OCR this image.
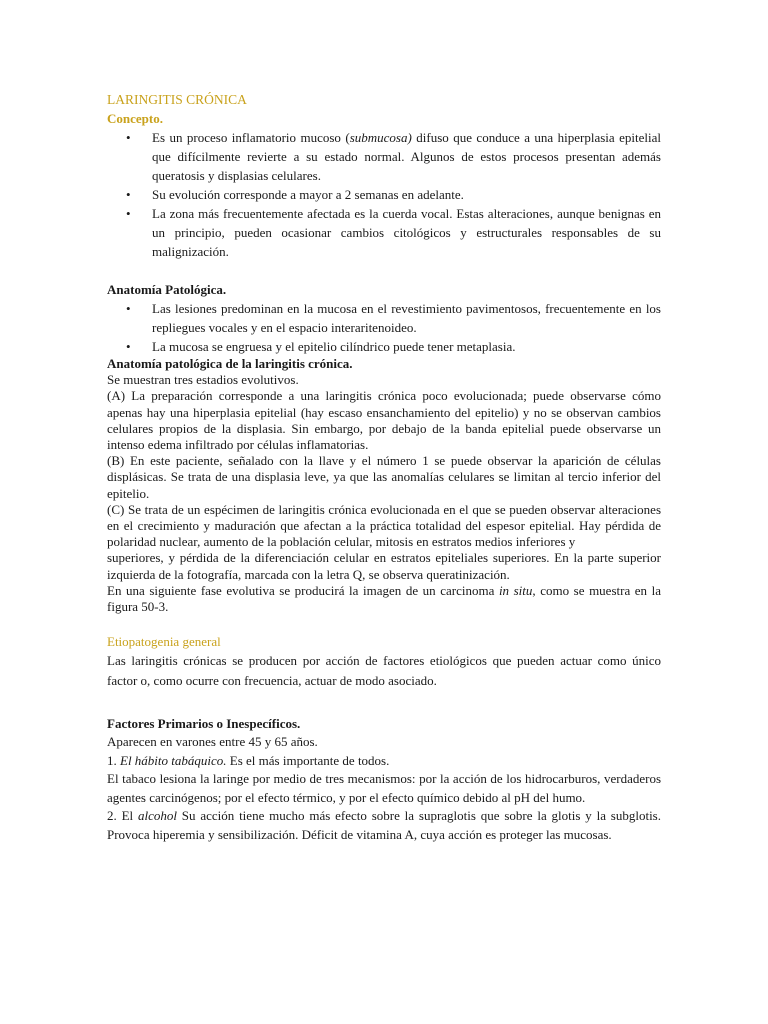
LARINGITIS CRÓNICA

Concepto.

• Es un proceso inflamatorio mucoso (submucosa) difuso que conduce a una hiperplasia epitelial que difícilmente revierte a su estado normal. Algunos de estos procesos presentan además queratosis y displasias celulares.
• Su evolución corresponde a mayor a 2 semanas en adelante.
• La zona más frecuentemente afectada es la cuerda vocal. Estas alteraciones, aunque benignas en un principio, pueden ocasionar cambios citológicos y estructurales responsables de su malignización.

Anatomía Patológica.

• Las lesiones predominan en la mucosa en el revestimiento pavimentosos, frecuentemente en los repliegues vocales y en el espacio interaritenoideo.
• La mucosa se engruesa y el epitelio cilíndrico puede tener metaplasia.

Anatomía patológica de la laringitis crónica.

Se muestran tres estadios evolutivos.

(A) La preparación corresponde a una laringitis crónica poco evolucionada; puede observarse cómo apenas hay una hiperplasia epitelial (hay escaso ensanchamiento del epitelio) y no se observan cambios celulares propios de la displasia. Sin embargo, por debajo de la banda epitelial puede observarse un intenso edema infiltrado por células inflamatorias.

(B) En este paciente, señalado con la llave y el número 1 se puede observar la aparición de células displásicas. Se trata de una displasia leve, ya que las anomalías celulares se limitan al tercio inferior del epitelio.

(C) Se trata de un espécimen de laringitis crónica evolucionada en el que se pueden observar alteraciones en el crecimiento y maduración que afectan a la práctica totalidad del espesor epitelial. Hay pérdida de polaridad nuclear, aumento de la población celular, mitosis en estratos medios inferiores y

superiores, y pérdida de la diferenciación celular en estratos epiteliales superiores. En la parte superior izquierda de la fotografía, marcada con la letra Q, se observa queratinización.

En una siguiente fase evolutiva se producirá la imagen de un carcinoma in situ, como se muestra en la figura 50-3.

Etiopatogenia general

Las laringitis crónicas se producen por acción de factores etiológicos que pueden actuar como único factor o, como ocurre con frecuencia, actuar de modo asociado.

Factores Primarios o Inespecíficos.

Aparecen en varones entre 45 y 65 años.

1. El hábito tabáquico. Es el más importante de todos.

El tabaco lesiona la laringe por medio de tres mecanismos: por la acción de los hidrocarburos, verdaderos agentes carcinógenos; por el efecto térmico, y por el efecto químico debido al pH del humo.

2. El alcohol Su acción tiene mucho más efecto sobre la supraglotis que sobre la glotis y la subglotis. Provoca hiperemia y sensibilización. Déficit de vitamina A, cuya acción es proteger las mucosas.
